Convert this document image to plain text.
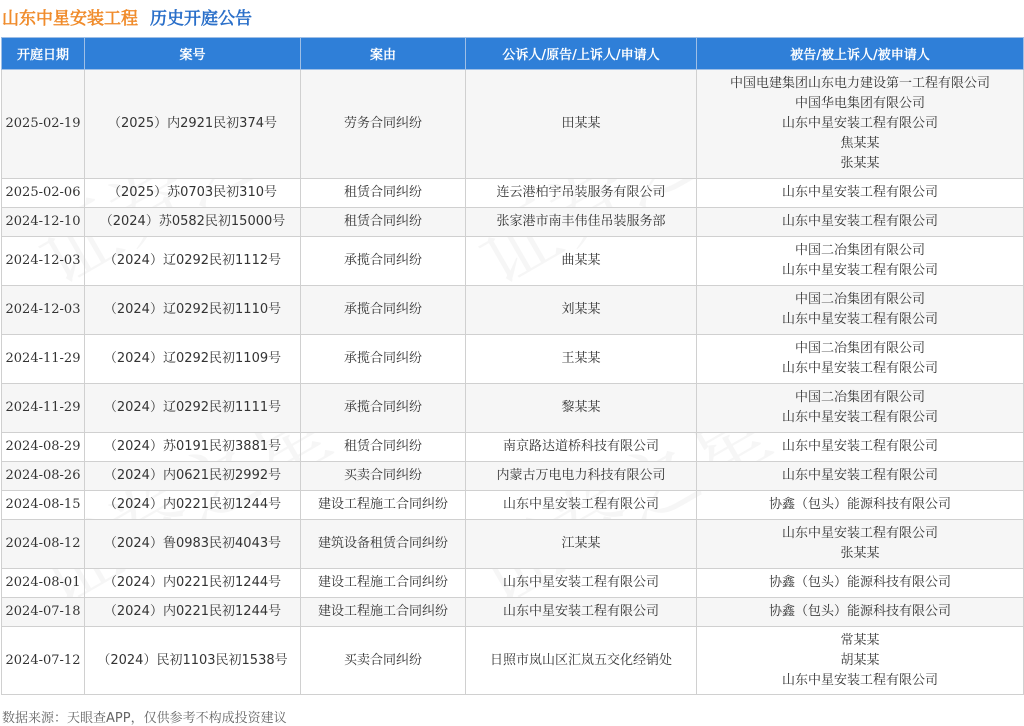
山东中星安装工程 历史开庭公告
开庭日期	案号	案由	公诉人/原告/上诉人/申请人	被告/被上诉人/被申请人
2025-02-19	（2025）内2921民初374号	劳务合同纠纷	田某某	中国电建集团山东电力建设第一工程有限公司
中国华电集团有限公司
山东中星安装工程有限公司
焦某某
张某某

2025-02-06	（2025）苏0703民初310号	租赁合同纠纷	连云港柏宇吊装服务有限公司	山东中星安装工程有限公司

2024-12-10	（2024）苏0582民初15000号	租赁合同纠纷	张家港市南丰伟佳吊装服务部	山东中星安装工程有限公司

2024-12-03	（2024）辽0292民初1112号	承揽合同纠纷	曲某某	中国二冶集团有限公司
山东中星安装工程有限公司

2024-12-03	（2024）辽0292民初1110号	承揽合同纠纷	刘某某	中国二冶集团有限公司
山东中星安装工程有限公司

2024-11-29	（2024）辽0292民初1109号	承揽合同纠纷	王某某	中国二冶集团有限公司
山东中星安装工程有限公司

2024-11-29	（2024）辽0292民初1111号	承揽合同纠纷	黎某某	中国二冶集团有限公司
山东中星安装工程有限公司

2024-08-29	（2024）苏0191民初3881号	租赁合同纠纷	南京路达道桥科技有限公司	山东中星安装工程有限公司

2024-08-26	（2024）内0621民初2992号	买卖合同纠纷	内蒙古万电电力科技有限公司	山东中星安装工程有限公司

2024-08-15	（2024）内0221民初1244号	建设工程施工合同纠纷	山东中星安装工程有限公司	协鑫（包头）能源科技有限公司

2024-08-12	（2024）鲁0983民初4043号	建筑设备租赁合同纠纷	江某某	山东中星安装工程有限公司
张某某

2024-08-01	（2024）内0221民初1244号	建设工程施工合同纠纷	山东中星安装工程有限公司	协鑫（包头）能源科技有限公司

2024-07-18	（2024）内0221民初1244号	建设工程施工合同纠纷	山东中星安装工程有限公司	协鑫（包头）能源科技有限公司

2024-07-12	（2024）民初1103民初1538号	买卖合同纠纷	日照市岚山区汇岚五交化经销处	常某某
胡某某
山东中星安装工程有限公司
数据来源：天眼查APP，仅供参考不构成投资建议
